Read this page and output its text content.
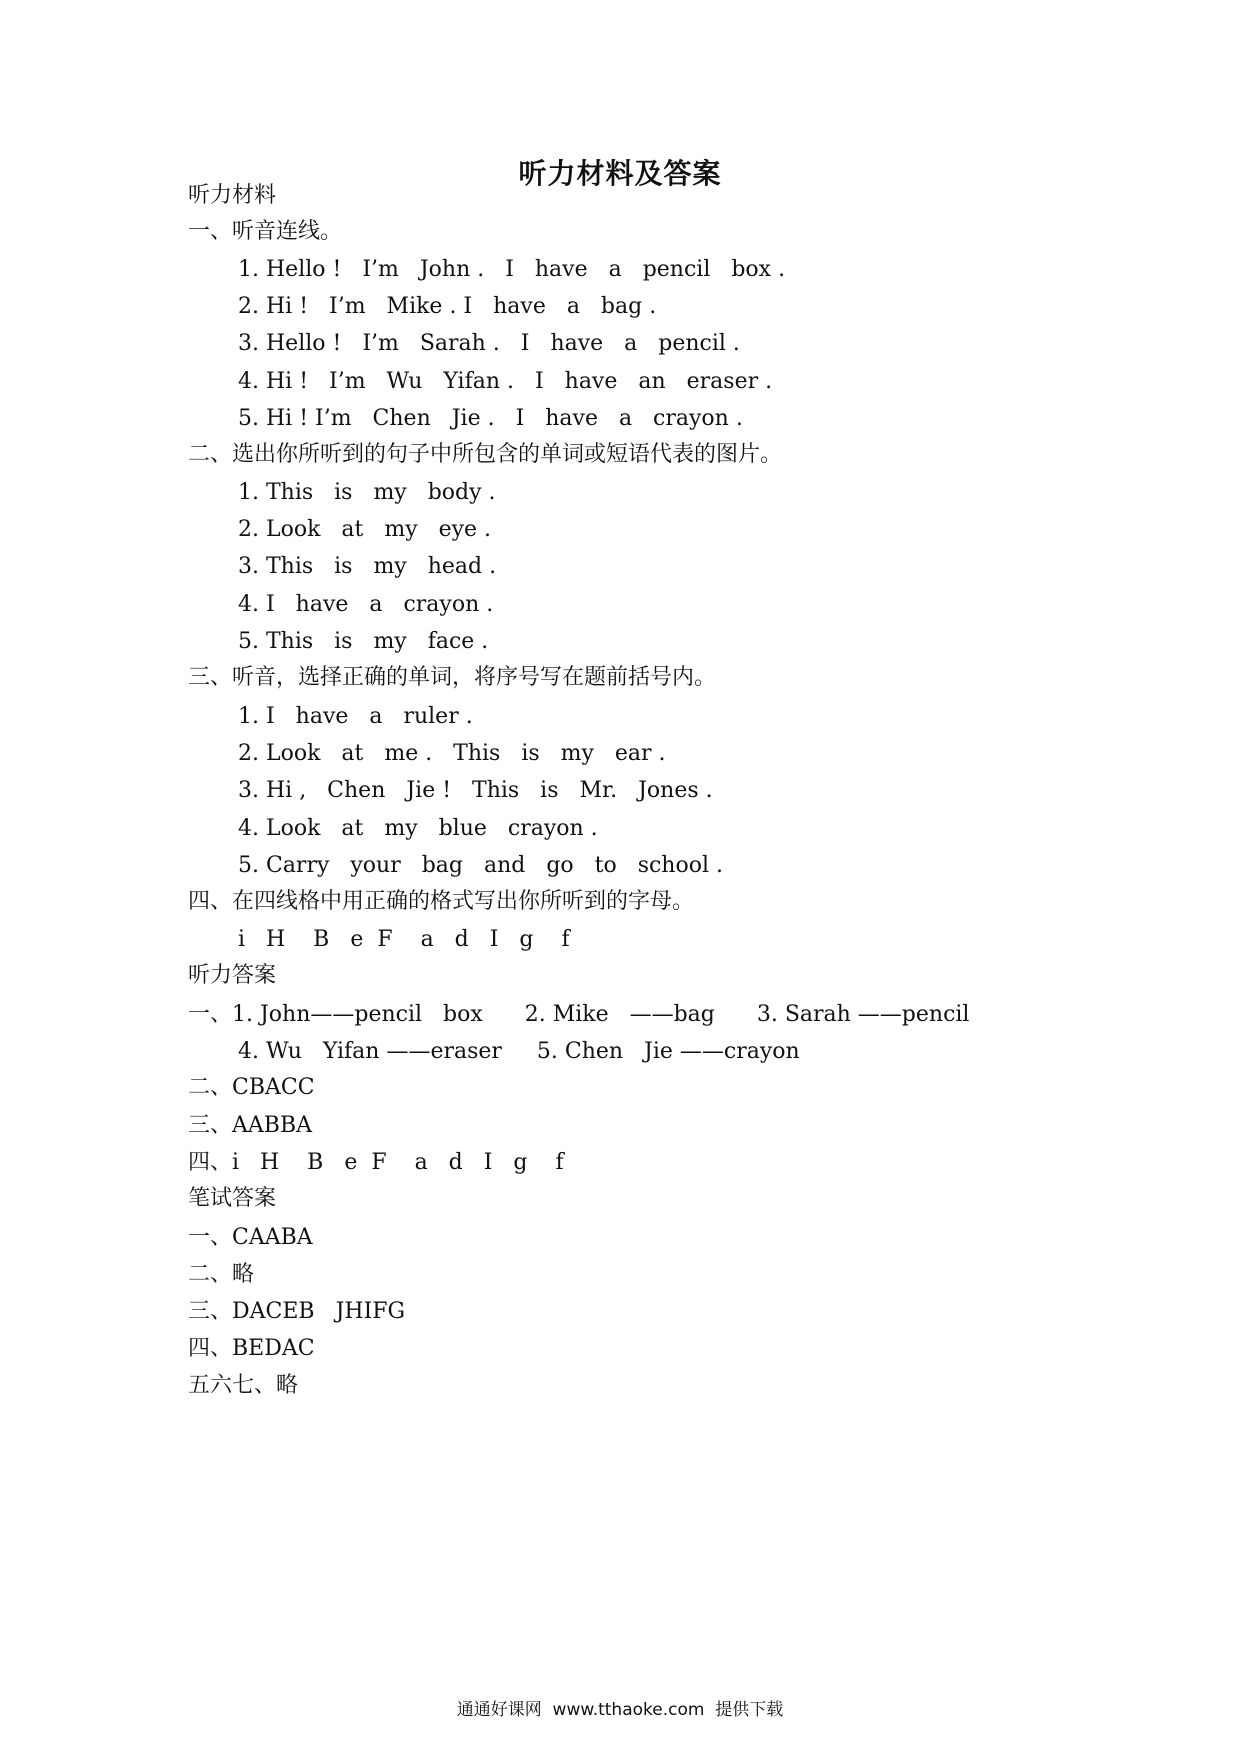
听力材料及答案
听力材料
一、听音连线。
1. Hello !   I’m   John .   I   have   a   pencil   box .
2. Hi !   I’m   Mike . I   have   a   bag .
3. Hello !   I’m   Sarah .   I   have   a   pencil .
4. Hi !   I’m   Wu   Yifan .   I   have   an   eraser .
5. Hi ! I’m   Chen   Jie .   I   have   a   crayon .
二、选出你所听到的句子中所包含的单词或短语代表的图片。
1. This   is   my   body .
2. Look   at   my   eye .
3. This   is   my   head .
4. I   have   a   crayon .
5. This   is   my   face .
三、听音，选择正确的单词，将序号写在题前括号内。
1. I   have   a   ruler .
2. Look   at   me .   This   is   my   ear .
3. Hi ,   Chen   Jie !   This   is   Mr.   Jones .
4. Look   at   my   blue   crayon .
5. Carry   your   bag   and   go   to   school .
四、在四线格中用正确的格式写出你所听到的字母。
i   H    B   e  F    a   d   I   g    f
听力答案
一、1. John——pencil   box      2. Mike   ——bag      3. Sarah ——pencil
4. Wu   Yifan ——eraser     5. Chen   Jie ——crayon
二、CBACC
三、AABBA
四、i   H    B   e  F    a   d   I   g    f
笔试答案
一、CAABA
二、略
三、DACEB   JHIFG
四、BEDAC
五六七、略
通通好课网  www.tthaoke.com  提供下载
